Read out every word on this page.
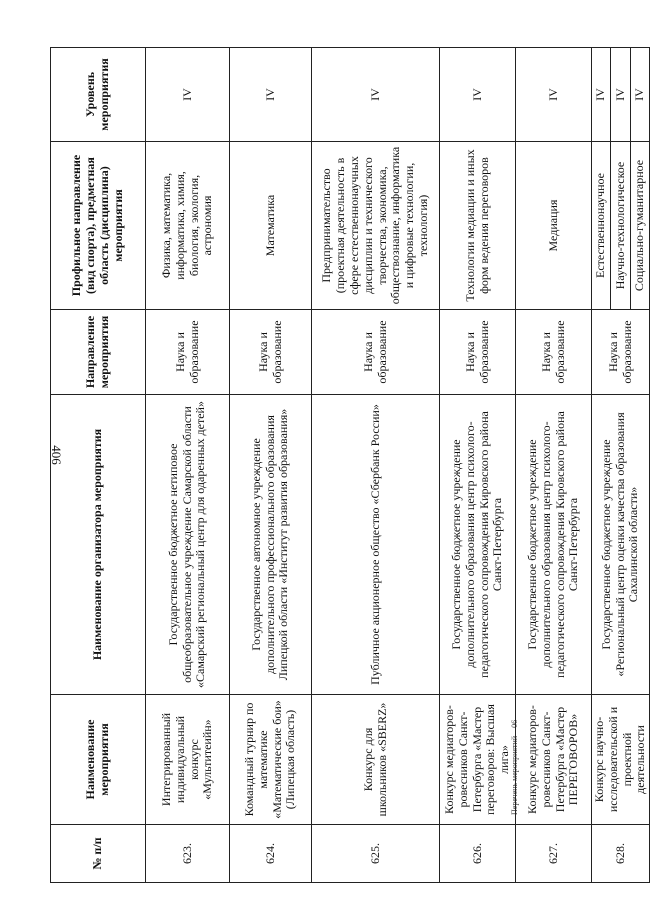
406
Перечень мероприятий – 06
№ п/п	Наименование мероприятия	Наименование организатора мероприятия	Направление мероприятия	Профильное направление (вид спорта), предметная область (дисциплина) мероприятия	Уровень мероприятия
623.	Интегрированный индивидуальный конкурс «Мультитеийн»	Государственное бюджетное нетиповое общеобразовательное учреждение Самарской области «Самарский региональный центр для одаренных детей»	Наука и образование	Физика, математика, информатика, химия, биология, экология, астрономия	IV
624.	Командный турнир по математике «Математические бои» (Липецкая область)	Государственное автономное учреждение дополнительного профессионального образования Липецкой области «Институт развития образования»	Наука и образование	Математика	IV
625.	Конкурс для школьников «SBERZ»	Публичное акционерное общество «Сбербанк России»	Наука и образование	Предпринимательство (проектная деятельность в сфере естественнонаучных дисциплин и технического творчества, экономика, обществознание, информатика и цифровые технологии, технология)	IV
626.	Конкурс медиаторов-ровесников Санкт-Петербурга «Мастер переговоров: Высшая лига»	Государственное бюджетное учреждение дополнительного образования центр психолого-педагогического сопровождения Кировского района Санкт-Петербурга	Наука и образование	Технологии медиации и иных форм ведения переговоров	IV
627.	Конкурс медиаторов-ровесников Санкт-Петербурга «Мастер ПЕРЕГОВОРОВ»	Государственное бюджетное учреждение дополнительного образования центр психолого-педагогического сопровождения Кировского района Санкт-Петербурга	Наука и образование	Медиация	IV
628.	Конкурс научно-исследовательской и проектной деятельности	Государственное бюджетное учреждение «Региональный центр оценки качества образования Сахалинской области»	Наука и образование	Естественнонаучное	IV
				Научно-технологическое	IV
				Социально-гуманитарное	IV
